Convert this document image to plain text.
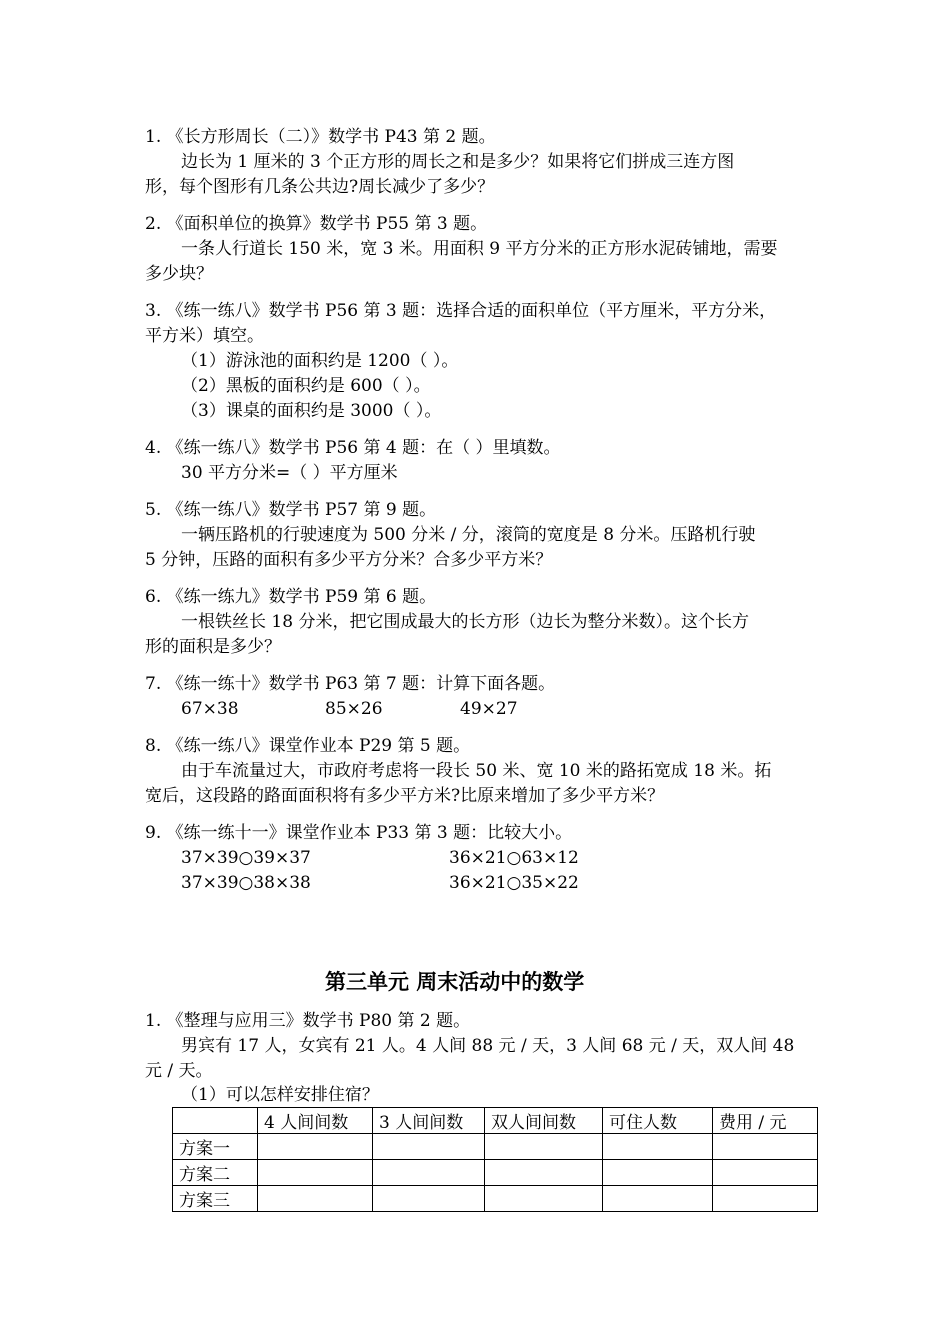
1. 《长方形周长（二）》数学书 P43 第 2 题。
边长为 1 厘米的 3 个正方形的周长之和是多少？如果将它们拼成三连方图
形，每个图形有几条公共边?周长减少了多少？
2. 《面积单位的换算》数学书 P55 第 3 题。
一条人行道长 150 米，宽 3 米。用面积 9 平方分米的正方形水泥砖铺地，需要
多少块？
3. 《练一练八》数学书 P56 第 3 题：选择合适的面积单位（平方厘米，平方分米，
平方米）填空。
（1）游泳池的面积约是 1200（ ）。
（2）黑板的面积约是 600（ ）。
（3）课桌的面积约是 3000（ ）。
4. 《练一练八》数学书 P56 第 4 题：在（ ）里填数。
30 平方分米=（ ）平方厘米
5. 《练一练八》数学书 P57 第 9 题。
一辆压路机的行驶速度为 500 分米 / 分，滚筒的宽度是 8 分米。压路机行驶
5 分钟，压路的面积有多少平方分米？合多少平方米？
6. 《练一练九》数学书 P59 第 6 题。
一根铁丝长 18 分米，把它围成最大的长方形（边长为整分米数）。这个长方
形的面积是多少？
7. 《练一练十》数学书 P63 第 7 题：计算下面各题。
67×38	85×26	49×27
8. 《练一练八》课堂作业本 P29 第 5 题。
由于车流量过大，市政府考虑将一段长 50 米、宽 10 米的路拓宽成 18 米。拓
宽后，这段路的路面面积将有多少平方米?比原来增加了多少平方米？
9. 《练一练十一》课堂作业本 P33 第 3 题：比较大小。
37×39○39×37	36×21○63×12
37×39○38×38	36×21○35×22
第三单元 周末活动中的数学
1. 《整理与应用三》数学书 P80 第 2 题。
男宾有 17 人，女宾有 21 人。4 人间 88 元 / 天，3 人间 68 元 / 天，双人间 48
元 / 天。
（1）可以怎样安排住宿？
	4 人间间数	3 人间间数	双人间间数	可住人数	费用 / 元
方案一					
方案二					
方案三					
